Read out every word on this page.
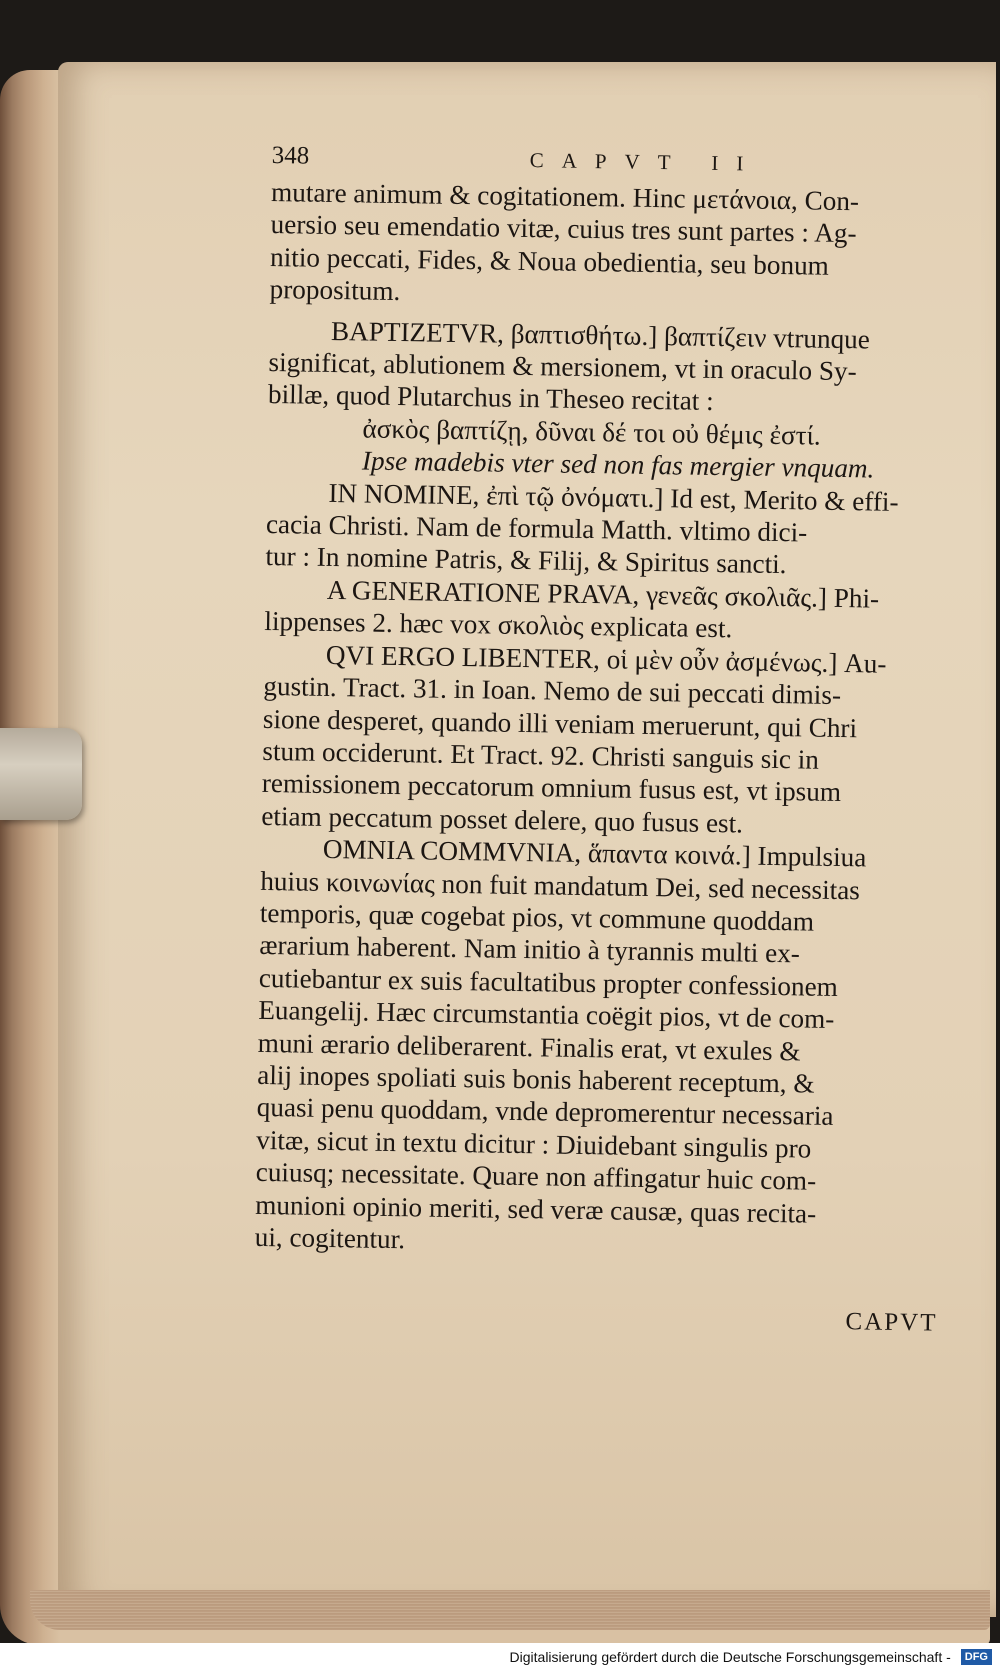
348	CAPVT II
mutare animum & cogitationem. Hinc μετάνοια, Con-
uersio seu emendatio vitæ, cuius tres sunt partes : Ag-
nitio peccati, Fides, & Noua obedientia, seu bonum
propositum.
BAPTIZETVR, βαπτισθήτω.] βαπτίζειν vtrunque
significat, ablutionem & mersionem, vt in oraculo Sy-
billæ, quod Plutarchus in Theseo recitat :
ἀσκὸς βαπτίζῃ, δῦναι δέ τοι οὐ θέμις ἐστί.
Ipse madebis vter sed non fas mergier vnquam.
IN NOMINE, ἐπὶ τῷ ὀνόματι.] Id est, Merito & effi-
cacia Christi. Nam de formula Matth. vltimo dici-
tur : In nomine Patris, & Filij, & Spiritus sancti.
A GENERATIONE PRAVA, γενεᾶς σκολιᾶς.] Phi-
lippenses 2. hæc vox σκολιὸς explicata est.
QVI ERGO LIBENTER, οἱ μὲν οὖν ἀσμένως.] Au-
gustin. Tract. 31. in Ioan. Nemo de sui peccati dimis-
sione desperet, quando illi veniam meruerunt, qui Chri
stum occiderunt. Et Tract. 92. Christi sanguis sic in
remissionem peccatorum omnium fusus est, vt ipsum
etiam peccatum posset delere, quo fusus est.
OMNIA COMMVNIA, ἅπαντα κοινά.] Impulsiua
huius κοινωνίας non fuit mandatum Dei, sed necessitas
temporis, quæ cogebat pios, vt commune quoddam
ærarium haberent. Nam initio à tyrannis multi ex-
cutiebantur ex suis facultatibus propter confessionem
Euangelij. Hæc circumstantia coëgit pios, vt de com-
muni ærario deliberarent. Finalis erat, vt exules &
alij inopes spoliati suis bonis haberent receptum, &
quasi penu quoddam, vnde depromerentur necessaria
vitæ, sicut in textu dicitur : Diuidebant singulis pro
cuiusq; necessitate. Quare non affingatur huic com-
munioni opinio meriti, sed veræ causæ, quas recita-
ui, cogitentur.
CAPVT
Digitalisierung gefördert durch die Deutsche Forschungsgemeinschaft -	DFG
